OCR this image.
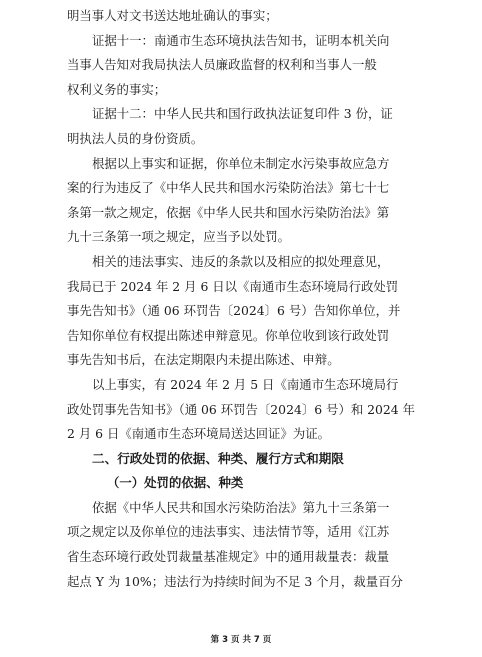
明当事人对文书送达地址确认的事实；
证据十一：南通市生态环境执法告知书，证明本机关向
当事人告知对我局执法人员廉政监督的权利和当事人一般
权利义务的事实；
证据十二：中华人民共和国行政执法证复印件 3 份，证
明执法人员的身份资质。
根据以上事实和证据，你单位未制定水污染事故应急方
案的行为违反了《中华人民共和国水污染防治法》第七十七
条第一款之规定，依据《中华人民共和国水污染防治法》第
九十三条第一项之规定，应当予以处罚。
相关的违法事实、违反的条款以及相应的拟处理意见，
我局已于 2024 年 2 月 6 日以《南通市生态环境局行政处罚
事先告知书》（通 06 环罚告〔2024〕6 号）告知你单位，并
告知你单位有权提出陈述申辩意见。你单位收到该行政处罚
事先告知书后，在法定期限内未提出陈述、申辩。
以上事实，有 2024 年 2 月 5 日《南通市生态环境局行
政处罚事先告知书》（通 06 环罚告〔2024〕6 号）和 2024 年
2 月 6 日《南通市生态环境局送达回证》为证。
二、行政处罚的依据、种类、履行方式和期限
（一）处罚的依据、种类
依据《中华人民共和国水污染防治法》第九十三条第一
项之规定以及你单位的违法事实、违法情节等，适用《江苏
省生态环境行政处罚裁量基准规定》中的通用裁量表：裁量
起点 Y 为 10%；违法行为持续时间为不足 3 个月，裁量百分
第 3 页 共 7 页
